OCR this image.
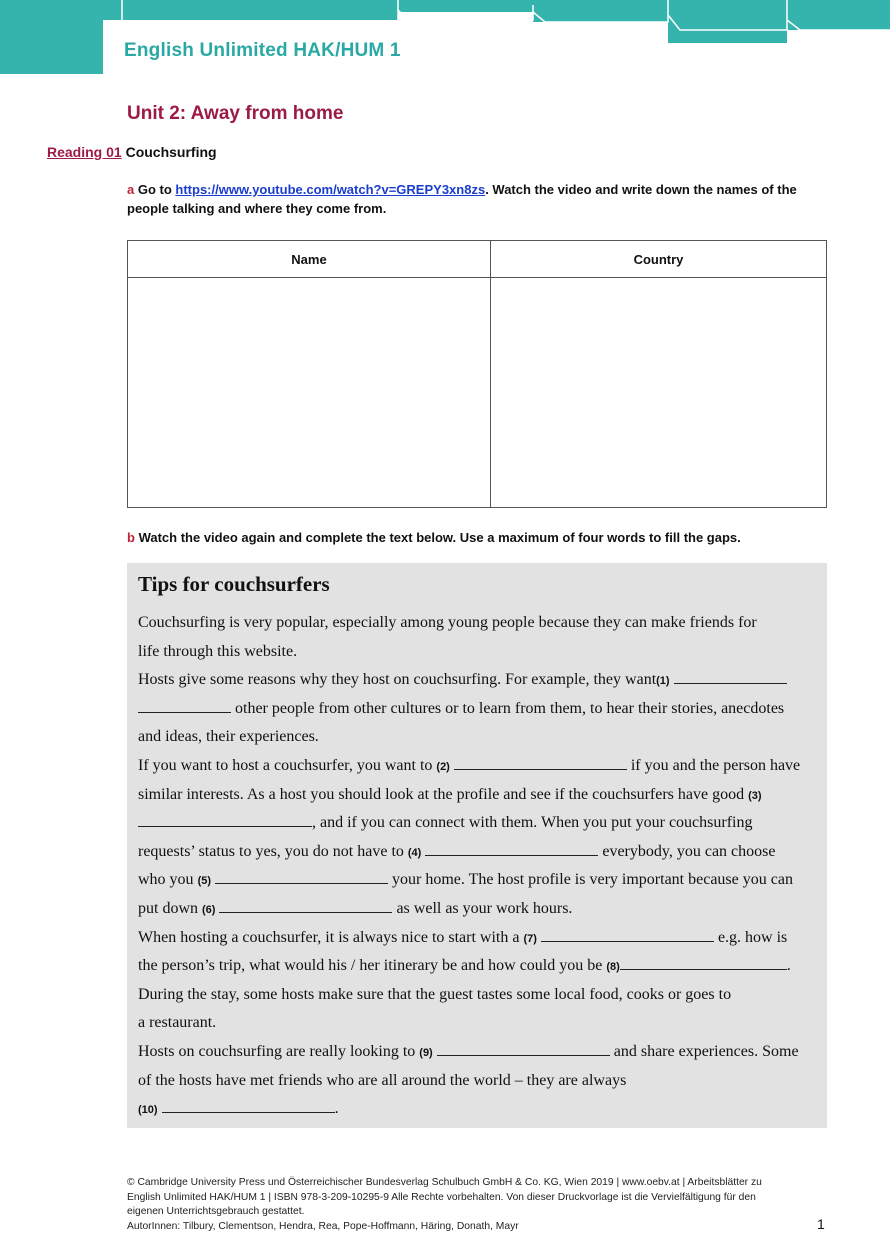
English Unlimited HAK/HUM 1
Unit 2: Away from home
Reading 01 Couchsurfing
a Go to https://www.youtube.com/watch?v=GREPY3xn8zs. Watch the video and write down the names of the people talking and where they come from.
Name	Country

b Watch the video again and complete the text below. Use a maximum of four words to fill the gaps.
Tips for couchsurfers
Couchsurfing is very popular, especially among young people because they can make friends for
life through this website.
Hosts give some reasons why they host on couchsurfing. For example, they want(1)
other people from other cultures or to learn from them, to hear their stories, anecdotes
and ideas, their experiences.
If you want to host a couchsurfer, you want to (2)	if you and the person have
similar interests. As a host you should look at the profile and see if the couchsurfers have good (3)
, and if you can connect with them. When you put your couchsurfing
requests’ status to yes, you do not have to (4)	everybody, you can choose
who you (5)	your home. The host profile is very important because you can
put down (6)	as well as your work hours.
When hosting a couchsurfer, it is always nice to start with a (7)	e.g. how is
the person’s trip, what would his / her itinerary be and how could you be (8)	.
During the stay, some hosts make sure that the guest tastes some local food, cooks or goes to
a restaurant.
Hosts on couchsurfing are really looking to (9)	and share experiences. Some
of the hosts have met friends who are all around the world – they are always
(10)	.
© Cambridge University Press und Österreichischer Bundesverlag Schulbuch GmbH & Co. KG, Wien 2019 | www.oebv.at | Arbeitsblätter zu
English Unlimited HAK/HUM 1 | ISBN 978-3-209-10295-9 Alle Rechte vorbehalten. Von dieser Druckvorlage ist die Vervielfältigung für den
eigenen Unterrichtsgebrauch gestattet.
AutorInnen: Tilbury, Clementson, Hendra, Rea, Pope-Hoffmann, Häring, Donath, Mayr	1
